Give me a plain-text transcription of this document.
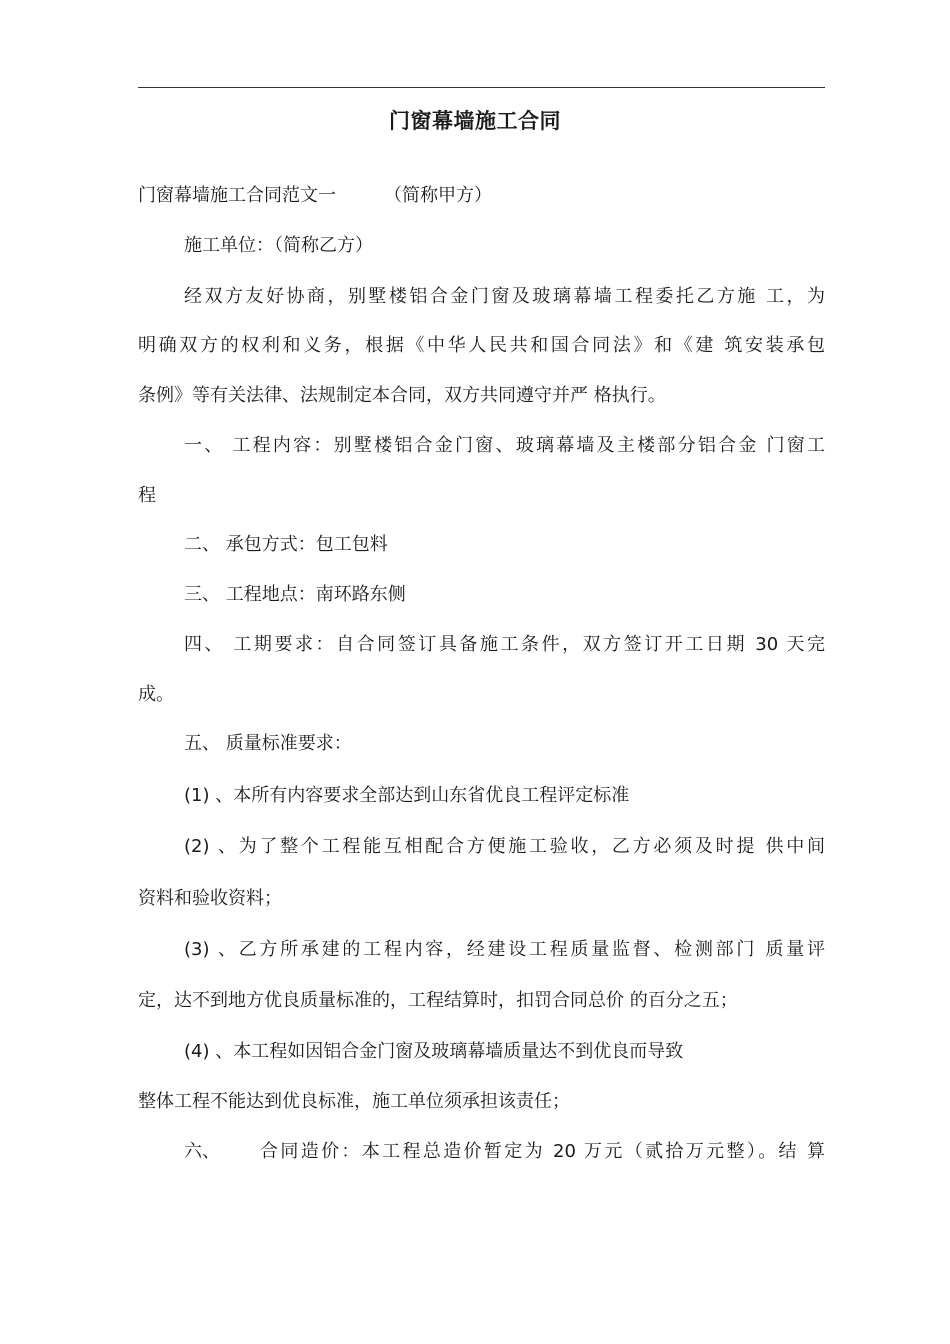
门窗幕墙施工合同
门窗幕墙施工合同范文一	（简称甲方）
施工单位：（简称乙方）
经双方友好协商，别墅楼铝合金门窗及玻璃幕墙工程委托乙方施 工，为
明确双方的权利和义务，根据《中华人民共和国合同法》和《建 筑安装承包
条例》等有关法律、法规制定本合同，双方共同遵守并严 格执行。
一、 工程内容：别墅楼铝合金门窗、玻璃幕墙及主楼部分铝合金 门窗工
程
二、 承包方式：包工包料
三、 工程地点：南环路东侧
四、 工期要求：自合同签订具备施工条件，双方签订开工日期 30 天完
成。
五、 质量标准要求：
(1) 、本所有内容要求全部达到山东省优良工程评定标准
(2) 、为了整个工程能互相配合方便施工验收，乙方必须及时提 供中间
资料和验收资料；
(3) 、乙方所承建的工程内容，经建设工程质量监督、检测部门 质量评
定，达不到地方优良质量标准的，工程结算时，扣罚合同总价 的百分之五；
(4) 、本工程如因铝合金门窗及玻璃幕墙质量达不到优良而导致
整体工程不能达到优良标准，施工单位须承担该责任；
六、 合同造价：本工程总造价暂定为 20 万元（贰拾万元整）。结 算
